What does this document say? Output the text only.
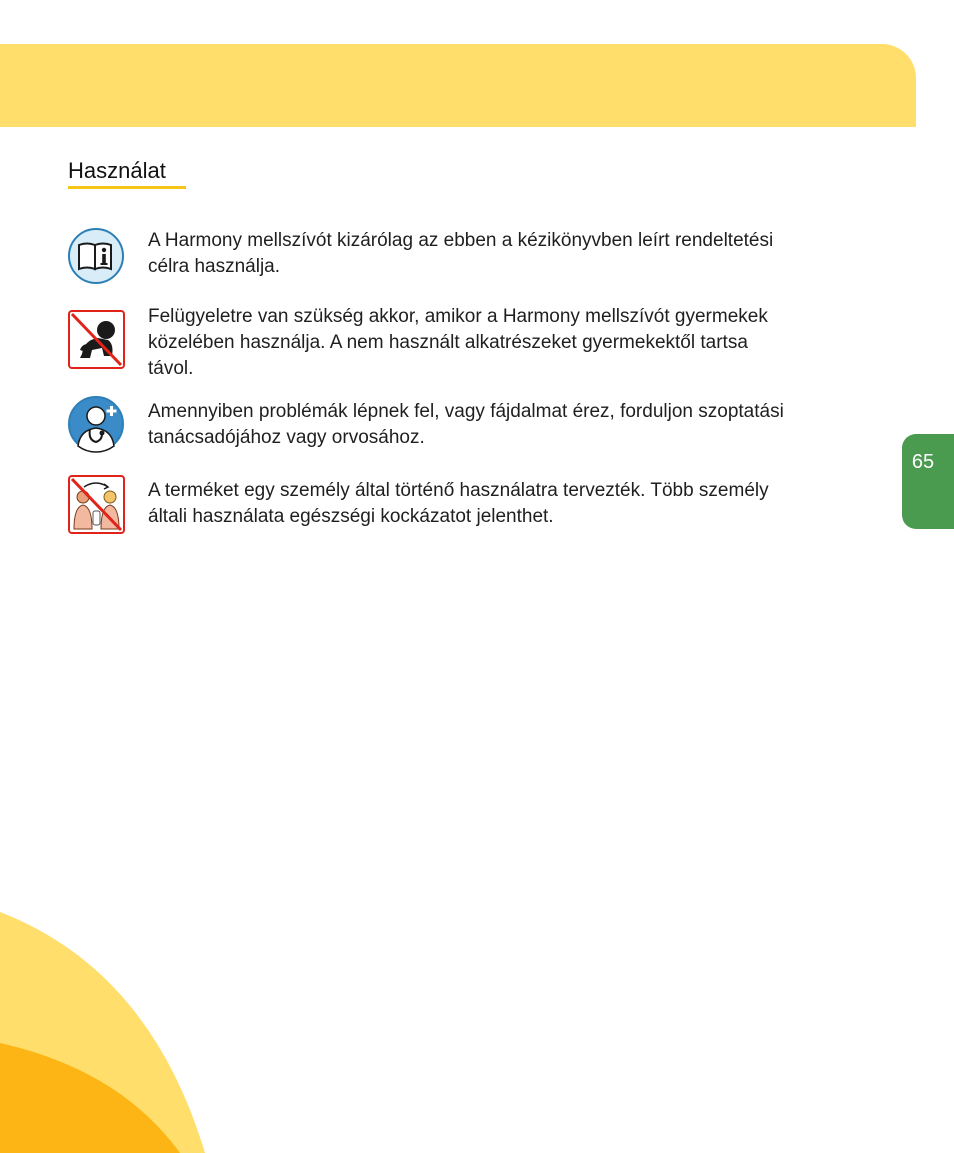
Használat
A Harmony mellszívót kizárólag az ebben a kézikönyvben leírt rendeltetési célra használja.
Felügyeletre van szükség akkor, amikor a Harmony mellszívót gyermekek közelében használja. A nem használt alkatrészeket gyermekektől tartsa távol.
Amennyiben problémák lépnek fel, vagy fájdalmat érez, forduljon szoptatási tanácsadójához vagy orvosához.
A terméket egy személy által történő használatra tervezték. Több személy általi használata egészségi kockázatot jelenthet.
65
